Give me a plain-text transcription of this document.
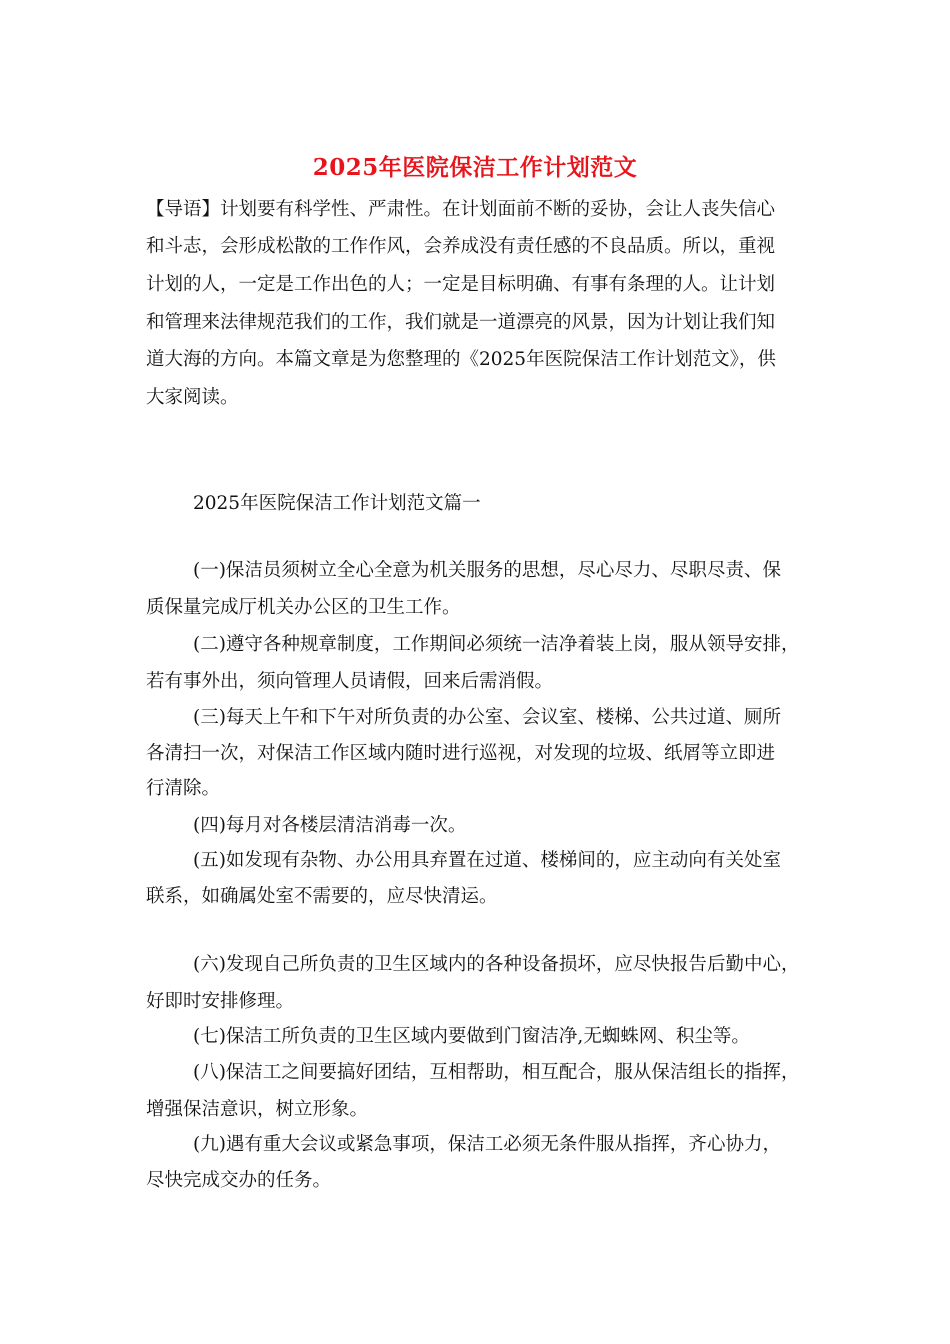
2025年医院保洁工作计划范文
【导语】计划要有科学性、严肃性。在计划面前不断的妥协，会让人丧失信心
和斗志，会形成松散的工作作风，会养成没有责任感的不良品质。所以，重视
计划的人，一定是工作出色的人；一定是目标明确、有事有条理的人。让计划
和管理来法律规范我们的工作，我们就是一道漂亮的风景，因为计划让我们知
道大海的方向。本篇文章是为您整理的《2025年医院保洁工作计划范文》，供
大家阅读。
2025年医院保洁工作计划范文篇一
(一)保洁员须树立全心全意为机关服务的思想，尽心尽力、尽职尽责、保
质保量完成厅机关办公区的卫生工作。
(二)遵守各种规章制度，工作期间必须统一洁净着装上岗，服从领导安排，
若有事外出，须向管理人员请假，回来后需消假。
(三)每天上午和下午对所负责的办公室、会议室、楼梯、公共过道、厕所
各清扫一次，对保洁工作区域内随时进行巡视，对发现的垃圾、纸屑等立即进
行清除。
(四)每月对各楼层清洁消毒一次。
(五)如发现有杂物、办公用具弃置在过道、楼梯间的，应主动向有关处室
联系，如确属处室不需要的，应尽快清运。
(六)发现自己所负责的卫生区域内的各种设备损坏，应尽快报告后勤中心，
好即时安排修理。
(七)保洁工所负责的卫生区域内要做到门窗洁净,无蜘蛛网、积尘等。
(八)保洁工之间要搞好团结，互相帮助，相互配合，服从保洁组长的指挥，
增强保洁意识，树立形象。
(九)遇有重大会议或紧急事项，保洁工必须无条件服从指挥，齐心协力，
尽快完成交办的任务。
